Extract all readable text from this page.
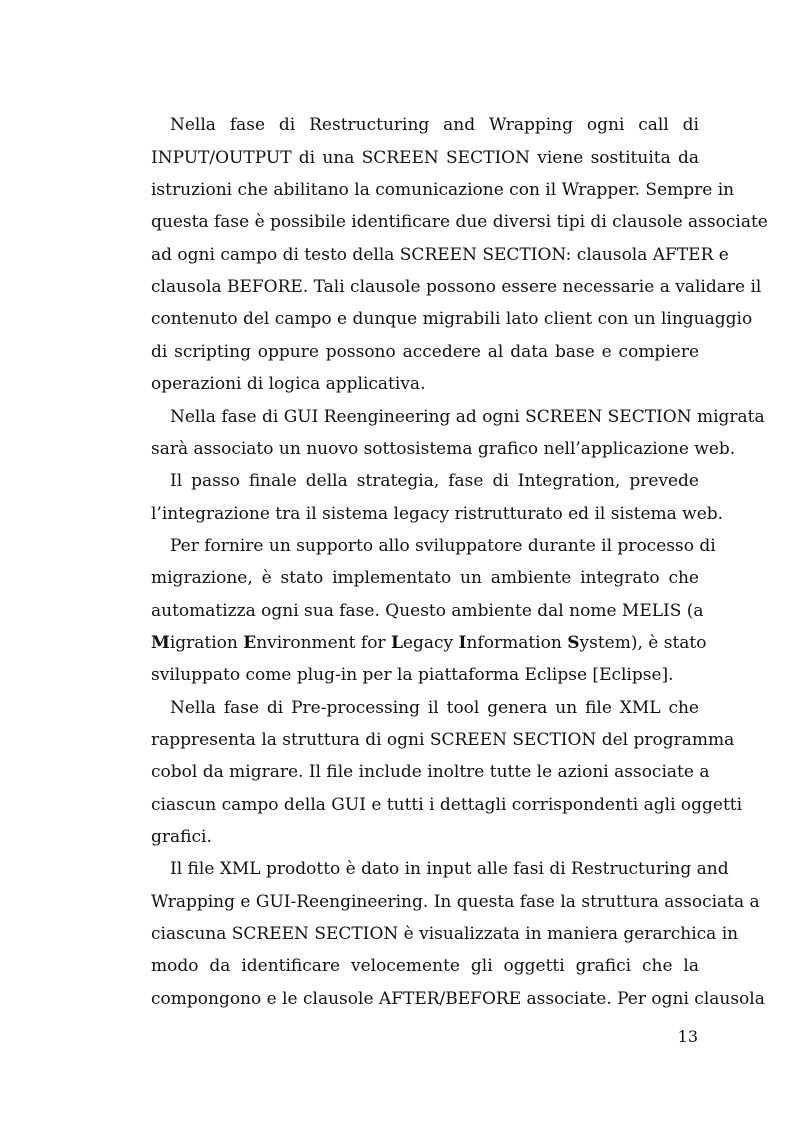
Nella fase di Restructuring and Wrapping ogni call di
INPUT/OUTPUT di una SCREEN SECTION viene sostituita da
istruzioni che abilitano la comunicazione con il Wrapper. Sempre in
questa fase è possibile identificare due diversi tipi di clausole associate
ad ogni campo di testo della SCREEN SECTION: clausola AFTER e
clausola BEFORE. Tali clausole possono essere necessarie a validare il
contenuto del campo e dunque migrabili lato client con un linguaggio
di scripting oppure possono accedere al data base e compiere
operazioni di logica applicativa.
Nella fase di GUI Reengineering ad ogni SCREEN SECTION migrata
sarà associato un nuovo sottosistema grafico nell’applicazione web.
Il passo finale della strategia, fase di Integration, prevede
l’integrazione tra il sistema legacy ristrutturato ed il sistema web.
Per fornire un supporto allo sviluppatore durante il processo di
migrazione, è stato implementato un ambiente integrato che
automatizza ogni sua fase. Questo ambiente dal nome MELIS (a
Migration Environment for Legacy Information System), è stato
sviluppato come plug-in per la piattaforma Eclipse [Eclipse].
Nella fase di Pre-processing il tool genera un file XML che
rappresenta la struttura di ogni SCREEN SECTION del programma
cobol da migrare. Il file include inoltre tutte le azioni associate a
ciascun campo della GUI e tutti i dettagli corrispondenti agli oggetti
grafici.
Il file XML prodotto è dato in input alle fasi di Restructuring and
Wrapping e GUI-Reengineering. In questa fase la struttura associata a
ciascuna SCREEN SECTION è visualizzata in maniera gerarchica in
modo da identificare velocemente gli oggetti grafici che la
compongono e le clausole AFTER/BEFORE associate. Per ogni clausola
13
